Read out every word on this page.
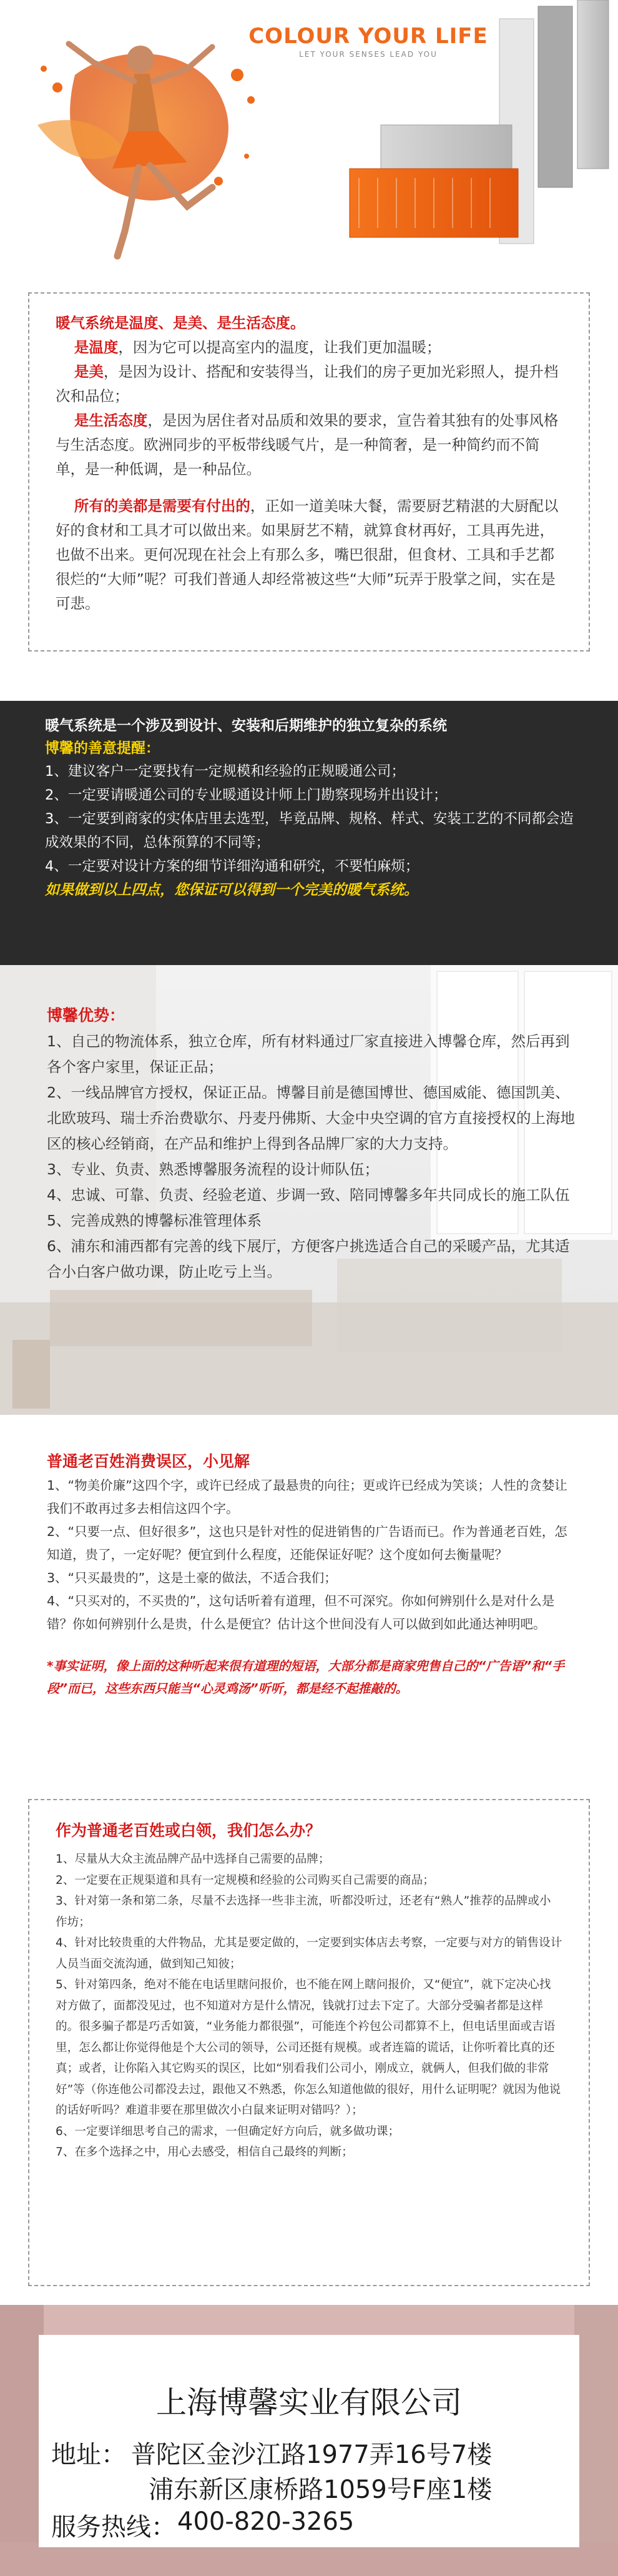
COLOUR YOUR LIFE
LET YOUR SENSES LEAD YOU

暖气系统是温度、是美、是生活态度。

是温度，因为它可以提高室内的温度，让我们更加温暖；

是美，是因为设计、搭配和安装得当，让我们的房子更加光彩照人，提升档次和品位；

是生活态度，是因为居住者对品质和效果的要求，宣告着其独有的处事风格与生活态度。欧洲同步的平板带线暖气片，是一种简奢，是一种简约而不简单，是一种低调，是一种品位。

所有的美都是需要有付出的，正如一道美味大餐，需要厨艺精湛的大厨配以好的食材和工具才可以做出来。如果厨艺不精，就算食材再好，工具再先进，也做不出来。更何况现在社会上有那么多，嘴巴很甜，但食材、工具和手艺都很烂的“大师”呢？可我们普通人却经常被这些“大师”玩弄于股掌之间，实在是可悲。

暖气系统是一个涉及到设计、安装和后期维护的独立复杂的系统
博馨的善意提醒：

1、建议客户一定要找有一定规模和经验的正规暖通公司；

2、一定要请暖通公司的专业暖通设计师上门勘察现场并出设计；

3、一定要到商家的实体店里去选型，毕竟品牌、规格、样式、安装工艺的不同都会造成效果的不同，总体预算的不同等；

4、一定要对设计方案的细节详细沟通和研究，不要怕麻烦；

如果做到以上四点，您保证可以得到一个完美的暖气系统。
博馨优势：

1、自己的物流体系，独立仓库，所有材料通过厂家直接进入博馨仓库，然后再到各个客户家里，保证正品；

2、一线品牌官方授权，保证正品。博馨目前是德国博世、德国威能、德国凯美、北欧玻玛、瑞士乔治费歇尔、丹麦丹佛斯、大金中央空调的官方直接授权的上海地区的核心经销商，在产品和维护上得到各品牌厂家的大力支持。

3、专业、负责、熟悉博馨服务流程的设计师队伍；

4、忠诚、可靠、负责、经验老道、步调一致、陪同博馨多年共同成长的施工队伍

5、完善成熟的博馨标准管理体系

6、浦东和浦西都有完善的线下展厅，方便客户挑选适合自己的采暖产品，尤其适合小白客户做功课，防止吃亏上当。

普通老百姓消费误区，小见解

1、“物美价廉”这四个字，或许已经成了最悬贵的向往；更或许已经成为笑谈；人性的贪婪让我们不敢再过多去相信这四个字。

2、“只要一点、但好很多”，这也只是针对性的促进销售的广告语而已。作为普通老百姓，怎知道，贵了，一定好呢？便宜到什么程度，还能保证好呢？这个度如何去衡量呢？

3、“只买最贵的”，这是土豪的做法，不适合我们；

4、“只买对的，不买贵的”，这句话听着有道理，但不可深究。你如何辨别什么是对什么是错？你如何辨别什么是贵，什么是便宜？估计这个世间没有人可以做到如此通达神明吧。

*事实证明，像上面的这种听起来很有道理的短语，大部分都是商家兜售自己的“广告语”和“手段”而已，这些东西只能当“心灵鸡汤”听听，都是经不起推敲的。
作为普通老百姓或白领，我们怎么办？

1、尽量从大众主流品牌产品中选择自己需要的品牌；

2、一定要在正规渠道和具有一定规模和经验的公司购买自己需要的商品；

3、针对第一条和第二条，尽量不去选择一些非主流，听都没听过，还老有“熟人”推荐的品牌或小作坊；

4、针对比较贵重的大件物品，尤其是要定做的，一定要到实体店去考察，一定要与对方的销售设计人员当面交流沟通，做到知己知彼；

5、针对第四条，绝对不能在电话里瞎问报价，也不能在网上瞎问报价，又“便宜”，就下定决心找对方做了，面都没见过，也不知道对方是什么情况，钱就打过去下定了。大部分受骗者都是这样的。很多骗子都是巧舌如簧，“业务能力都很强”，可能连个衿包公司都算不上，但电话里面或吉语里，怎么都让你觉得他是个大公司的领导，公司还挺有规模。或者连篇的谎话，让你听着比真的还真；或者，让你陷入其它购买的误区，比如“别看我们公司小，刚成立，就俩人，但我们做的非常好”等（你连他公司都没去过，跟他又不熟悉，你怎么知道他做的很好，用什么证明呢？就因为他说的话好听吗？难道非要在那里做次小白鼠来证明对错吗？）；

6、一定要详细思考自己的需求，一但确定好方向后，就多做功课；

7、在多个选择之中，用心去感受，相信自己最终的判断；

上海博馨实业有限公司
地址： 普陀区金沙江路1977弄16号7楼
浦东新区康桥路1059号F座1楼
服务热线： 400-820-3265
